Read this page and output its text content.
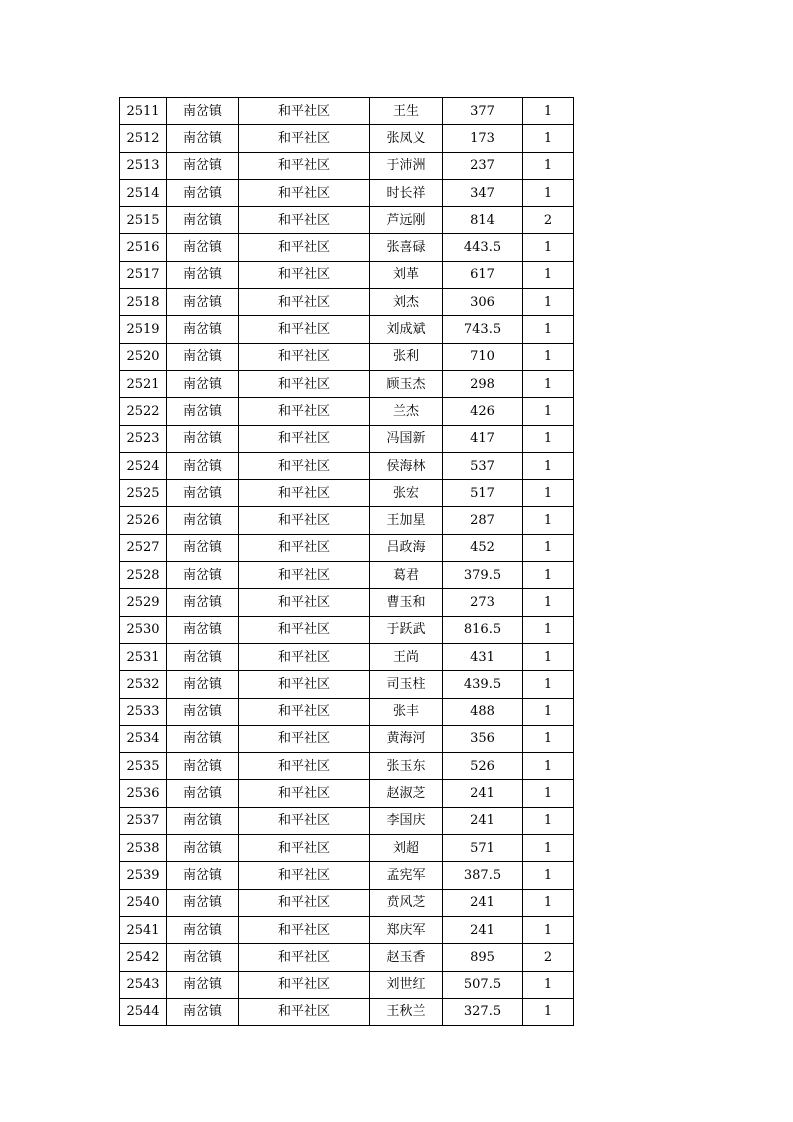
2511	南岔镇	和平社区	王生	377	1
2512	南岔镇	和平社区	张凤义	173	1
2513	南岔镇	和平社区	于沛洲	237	1
2514	南岔镇	和平社区	时长祥	347	1
2515	南岔镇	和平社区	芦远刚	814	2
2516	南岔镇	和平社区	张喜碌	443.5	1
2517	南岔镇	和平社区	刘革	617	1
2518	南岔镇	和平社区	刘杰	306	1
2519	南岔镇	和平社区	刘成斌	743.5	1
2520	南岔镇	和平社区	张利	710	1
2521	南岔镇	和平社区	顾玉杰	298	1
2522	南岔镇	和平社区	兰杰	426	1
2523	南岔镇	和平社区	冯国新	417	1
2524	南岔镇	和平社区	侯海林	537	1
2525	南岔镇	和平社区	张宏	517	1
2526	南岔镇	和平社区	王加星	287	1
2527	南岔镇	和平社区	吕政海	452	1
2528	南岔镇	和平社区	葛君	379.5	1
2529	南岔镇	和平社区	曹玉和	273	1
2530	南岔镇	和平社区	于跃武	816.5	1
2531	南岔镇	和平社区	王尚	431	1
2532	南岔镇	和平社区	司玉柱	439.5	1
2533	南岔镇	和平社区	张丰	488	1
2534	南岔镇	和平社区	黄海河	356	1
2535	南岔镇	和平社区	张玉东	526	1
2536	南岔镇	和平社区	赵淑芝	241	1
2537	南岔镇	和平社区	李国庆	241	1
2538	南岔镇	和平社区	刘超	571	1
2539	南岔镇	和平社区	孟宪军	387.5	1
2540	南岔镇	和平社区	贲风芝	241	1
2541	南岔镇	和平社区	郑庆军	241	1
2542	南岔镇	和平社区	赵玉香	895	2
2543	南岔镇	和平社区	刘世红	507.5	1
2544	南岔镇	和平社区	王秋兰	327.5	1
